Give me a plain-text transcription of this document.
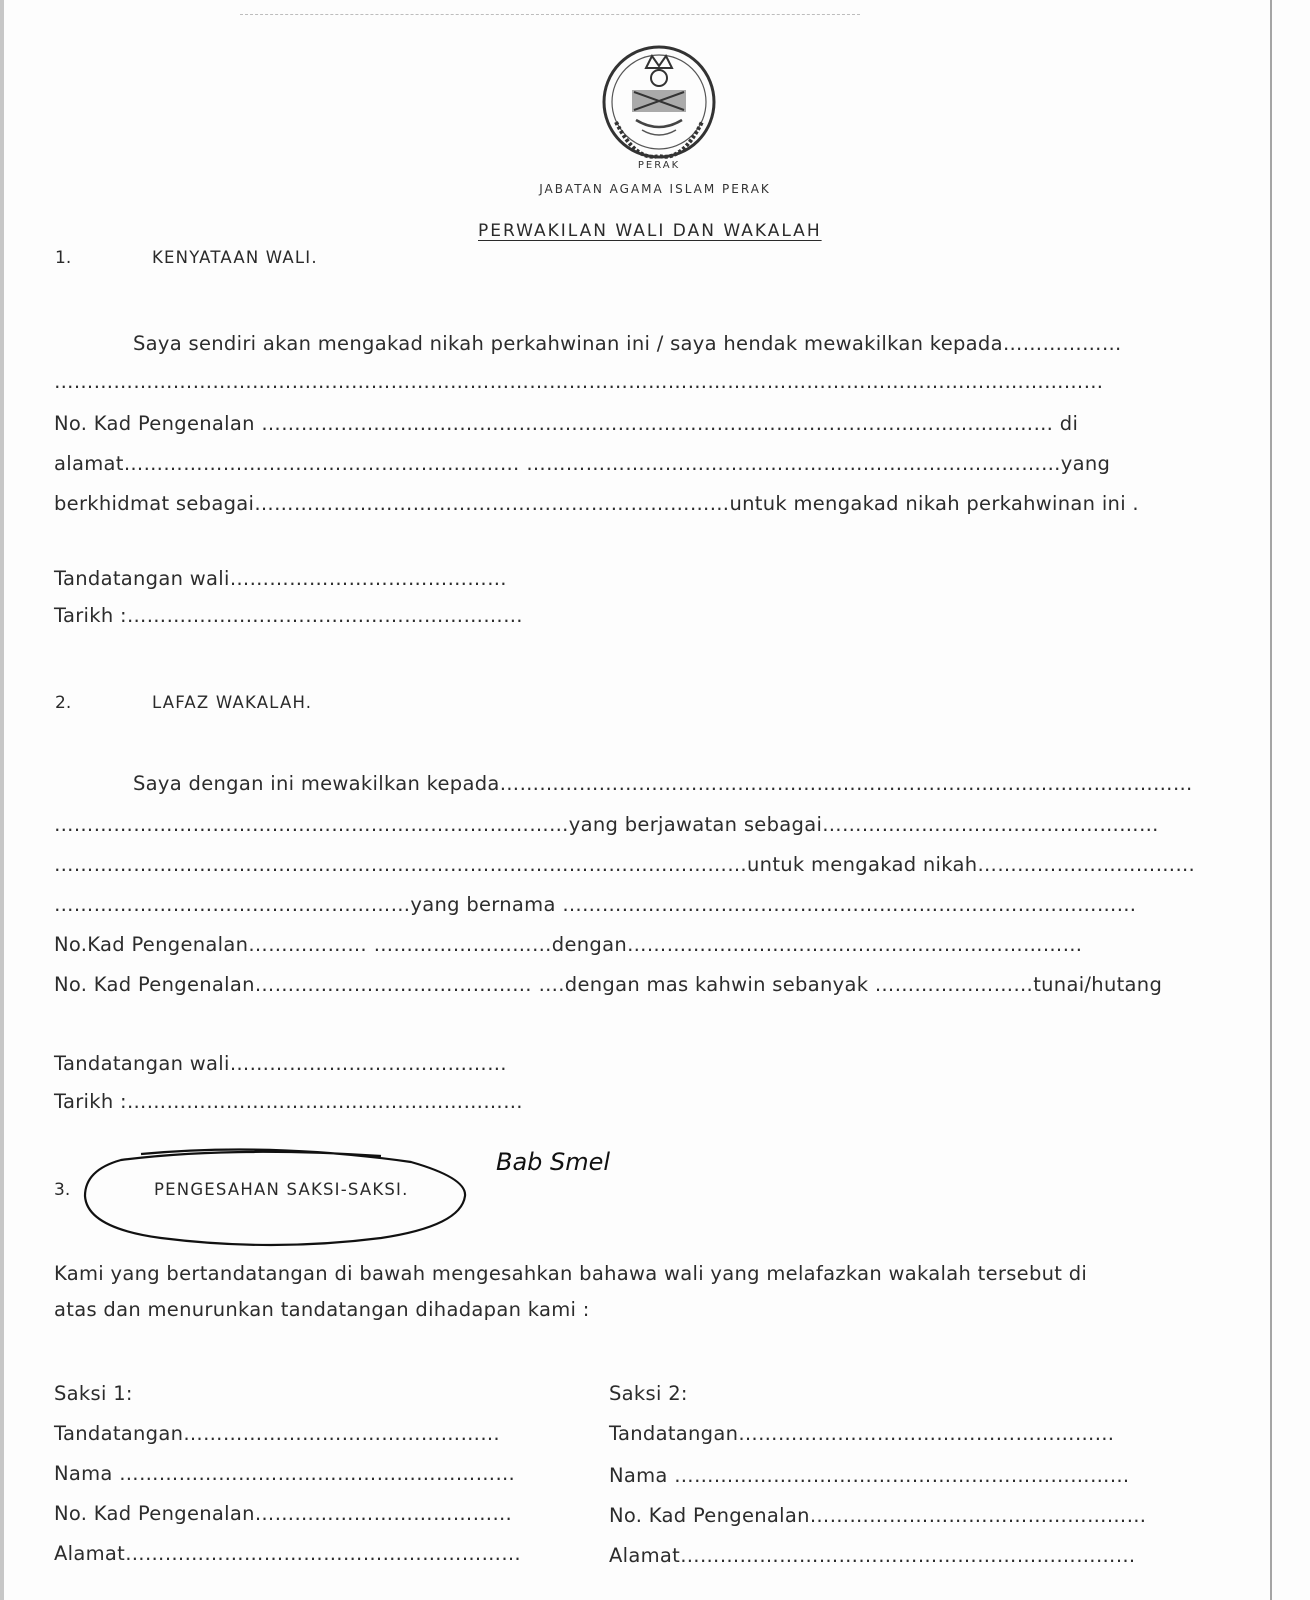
PERAK
JABATAN AGAMA ISLAM PERAK
PERWAKILAN WALI DAN WAKALAH
1.	KENYATAAN WALI.
Saya sendiri akan mengakad nikah perkahwinan ini / saya hendak mewakilkan kepada………………
……………………………………………………………………………………………………………………………………………
No. Kad Pengenalan ………………………………………………………………………………………………………… di
alamat…………………………………………………… ………………………………………………………………………yang
berkhidmat sebagai………………………………………………………………untuk mengakad nikah perkahwinan ini .
Tandatangan wali……………………………………
Tarikh :……………………………………………………
2.	LAFAZ WAKALAH.
Saya dengan ini mewakilkan kepada……………………………………………………………………………………………
……………………………………………………………………yang berjawatan sebagai……………………………………………
……………………………………………………………………………………………untuk mengakad nikah……………………………
………………………………………………yang bernama ……………………………………………………………………………
No.Kad Pengenalan……………… ………………………dengan……………………………………………………………
No. Kad Pengenalan…………………………………… ….dengan mas kahwin sebanyak ……………………tunai/hutang
Tandatangan wali……………………………………
Tarikh :……………………………………………………
3.	PENGESAHAN SAKSI-SAKSI.
Bab Smel
Kami yang bertandatangan di bawah mengesahkan bahawa wali yang melafazkan wakalah tersebut di
atas dan menurunkan tandatangan dihadapan kami :
Saksi 1:
Tandatangan…………………………………………
Nama ……………………………………………………
No. Kad Pengenalan…………………………………
Alamat……………………………………………………
Saksi 2:
Tandatangan…………………………………………………
Nama ……………………………………………………………
No. Kad Pengenalan……………………………………………
Alamat……………………………………………………………
